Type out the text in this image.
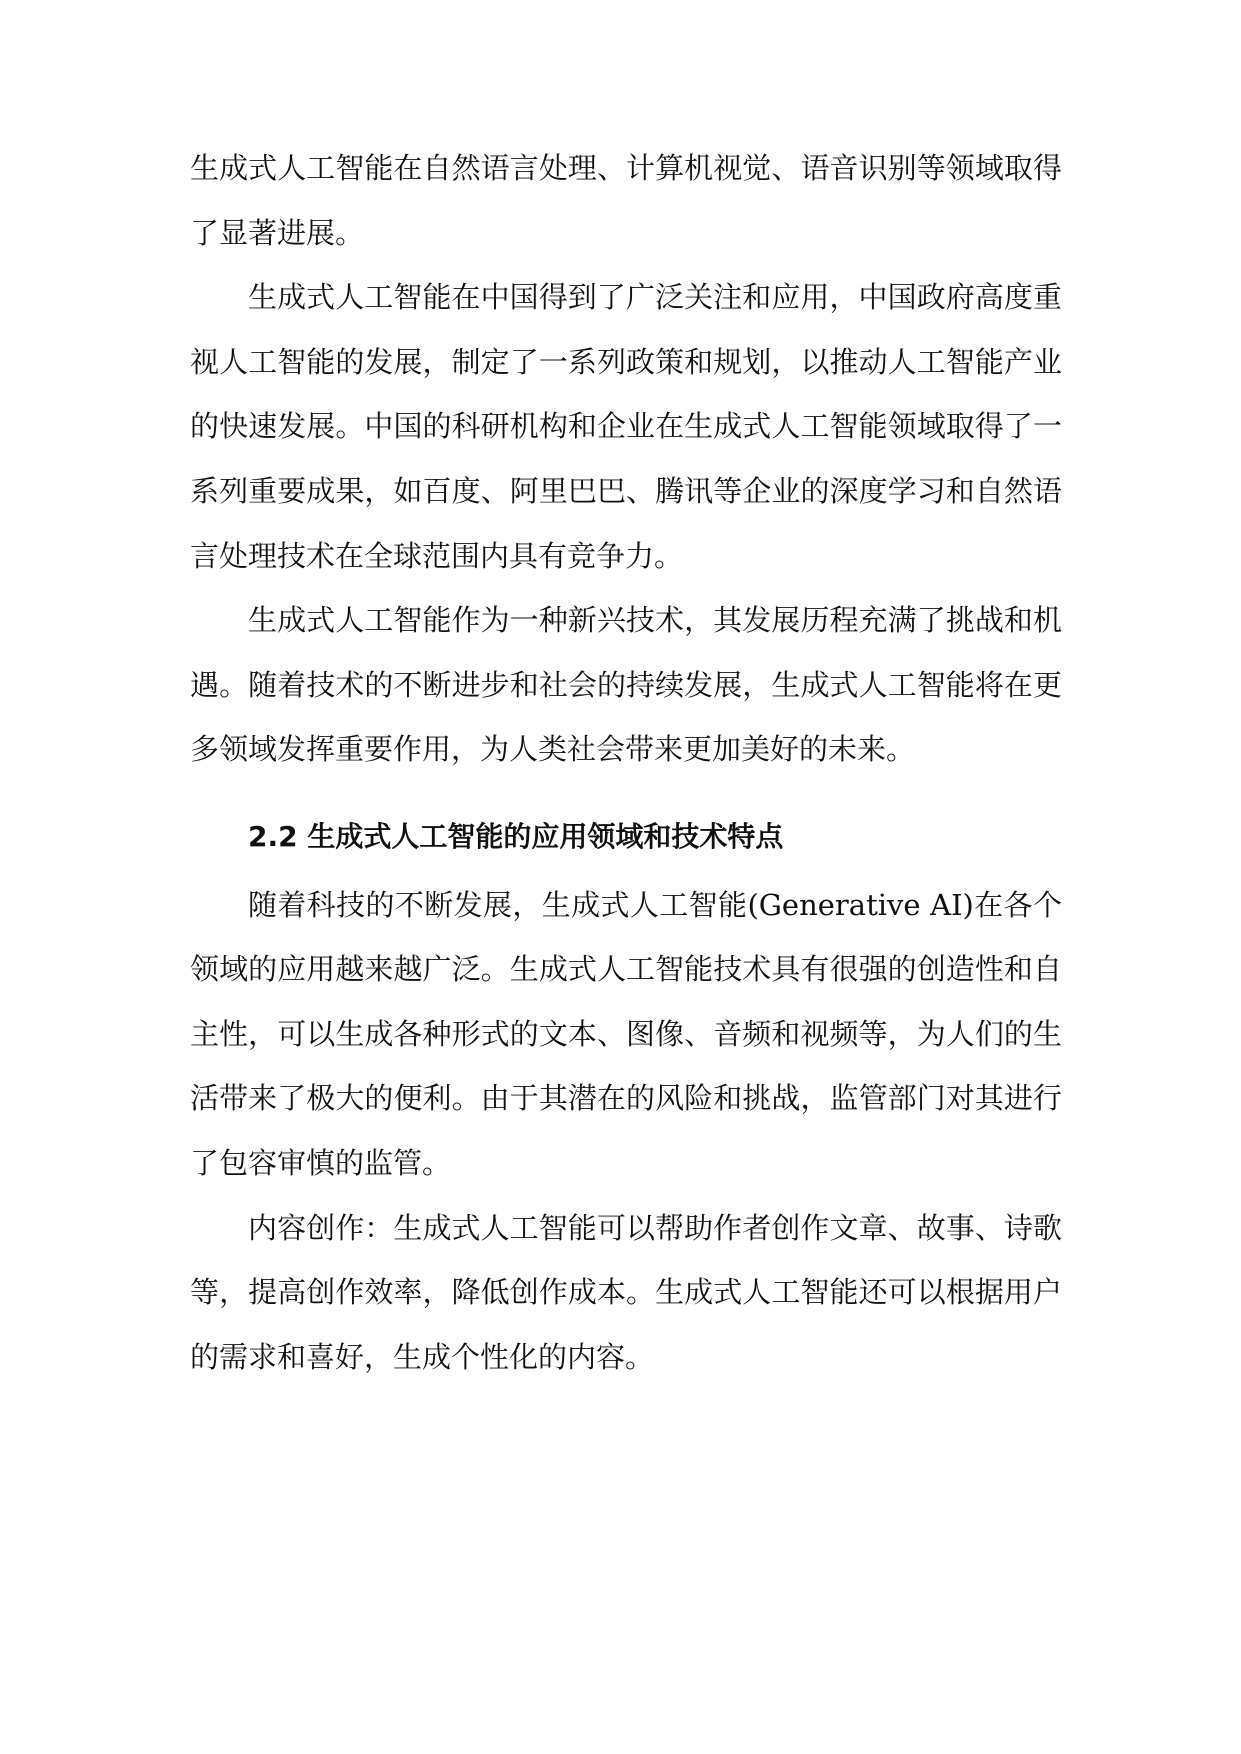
生成式人工智能在自然语言处理、计算机视觉、语音识别等领域取得了显著进展。

生成式人工智能在中国得到了广泛关注和应用，中国政府高度重视人工智能的发展，制定了一系列政策和规划，以推动人工智能产业的快速发展。中国的科研机构和企业在生成式人工智能领域取得了一系列重要成果，如百度、阿里巴巴、腾讯等企业的深度学习和自然语言处理技术在全球范围内具有竞争力。

生成式人工智能作为一种新兴技术，其发展历程充满了挑战和机遇。随着技术的不断进步和社会的持续发展，生成式人工智能将在更多领域发挥重要作用，为人类社会带来更加美好的未来。

2.2 生成式人工智能的应用领域和技术特点

随着科技的不断发展，生成式人工智能(Generative AI)在各个领域的应用越来越广泛。生成式人工智能技术具有很强的创造性和自主性，可以生成各种形式的文本、图像、音频和视频等，为人们的生活带来了极大的便利。由于其潜在的风险和挑战，监管部门对其进行了包容审慎的监管。

内容创作：生成式人工智能可以帮助作者创作文章、故事、诗歌等，提高创作效率，降低创作成本。生成式人工智能还可以根据用户的需求和喜好，生成个性化的内容。
